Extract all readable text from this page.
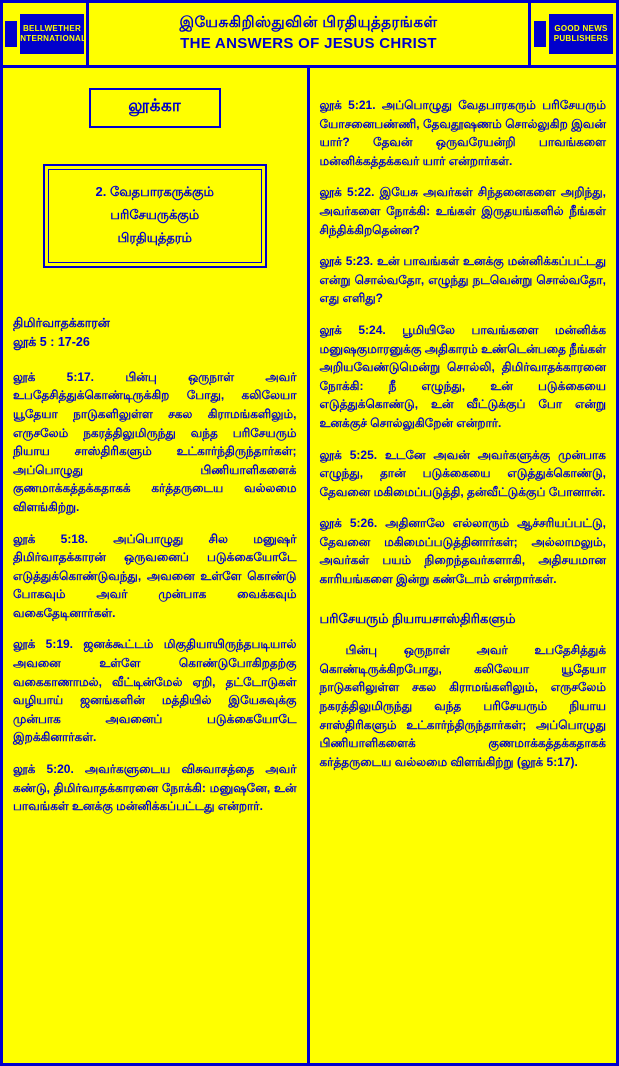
BELLWETHER
INTERNATIONAL
இயேசுகிறிஸ்துவின் பிரதியுத்தரங்கள்
THE ANSWERS OF JESUS CHRIST
GOOD NEWS
PUBLISHERS
லூக்கா
2. வேதபாரகருக்கும்
பரிசேயருக்கும்
பிரதியுத்தரம்
திமிர்வாதக்காரன்
லூக் 5 : 17-26

லூக் 5:17. பின்பு ஒருநாள் அவர் உபதேசித்துக்கொண்டிருக்கிற போது, கலிலேயா யூதேயா நாடுகளிலுள்ள சகல கிராமங்களிலும், எருசலேம் நகரத்திலுமிருந்து வந்த பரிசேயரும் நியாய சாஸ்திரிகளும் உட்கார்ந்திருந்தார்கள்; அப்பொழுது பிணியாளிகளைக் குணமாக்கத்தக்கதாகக் கர்த்தருடைய வல்லமை விளங்கிற்று.

லூக் 5:18. அப்பொழுது சில மனுஷர் திமிர்வாதக்காரன் ஒருவனைப் படுக்கையோடே எடுத்துக்கொண்டுவந்து, அவனை உள்ளே கொண்டு போகவும் அவர் முன்பாக வைக்கவும் வகைதேடினார்கள்.

லூக் 5:19. ஜனக்கூட்டம் மிகுதியாயிருந்தபடியால் அவனை உள்ளே கொண்டுபோகிறதற்கு வகைகாணாமல், வீட்டின்மேல் ஏறி, தட்டோடுகள் வழியாய் ஜனங்களின் மத்தியில் இயேசுவுக்கு முன்பாக அவனைப் படுக்கையோடே இறக்கினார்கள்.

லூக் 5:20. அவர்களுடைய விசுவாசத்தை அவர் கண்டு, திமிர்வாதக்காரனை நோக்கி: மனுஷனே, உன் பாவங்கள் உனக்கு மன்னிக்கப்பட்டது என்றார்.

லூக் 5:21. அப்பொழுது வேதபாரகரும் பரிசேயரும் யோசனைபண்ணி, தேவதூஷணம் சொல்லுகிற இவன் யார்? தேவன் ஒருவரேயன்றி பாவங்களை மன்னிக்கத்தக்கவர் யார் என்றார்கள்.

லூக் 5:22. இயேசு அவர்கள் சிந்தனைகளை அறிந்து, அவர்களை நோக்கி: உங்கள் இருதயங்களில் நீங்கள் சிந்திக்கிறதென்ன?

லூக் 5:23. உன் பாவங்கள் உனக்கு மன்னிக்கப்பட்டது என்று சொல்வதோ, எழுந்து நடவென்று சொல்வதோ, எது எளிது?

லூக் 5:24. பூமியிலே பாவங்களை மன்னிக்க மனுஷகுமாரனுக்கு அதிகாரம் உண்டென்பதை நீங்கள் அறியவேண்டுமென்று சொல்லி, திமிர்வாதக்காரனை நோக்கி: நீ எழுந்து, உன் படுக்கையை எடுத்துக்கொண்டு, உன் வீட்டுக்குப் போ என்று உனக்குச் சொல்லுகிறேன் என்றார்.

லூக் 5:25. உடனே அவன் அவர்களுக்கு முன்பாக எழுந்து, தான் படுக்கையை எடுத்துக்கொண்டு, தேவனை மகிமைப்படுத்தி, தன்வீட்டுக்குப் போனான்.

லூக் 5:26. அதினாலே எல்லாரும் ஆச்சரியப்பட்டு, தேவனை மகிமைப்படுத்தினார்கள்; அல்லாமலும், அவர்கள் பயம் நிறைந்தவர்களாகி, அதிசயமான காரியங்களை இன்று கண்டோம் என்றார்கள்.

பரிசேயரும் நியாயசாஸ்திரிகளும்

பின்பு ஒருநாள் அவர் உபதேசித்துக் கொண்டிருக்கிறபோது, கலிலேயா யூதேயா நாடுகளிலுள்ள சகல கிராமங்களிலும், எருசலேம் நகரத்திலுமிருந்து வந்த பரிசேயரும் நியாய சாஸ்திரிகளும் உட்கார்ந்திருந்தார்கள்; அப்பொழுது பிணியாளிகளைக் குணமாக்கத்தக்கதாகக் கர்த்தருடைய வல்லமை விளங்கிற்று (லூக் 5:17).
